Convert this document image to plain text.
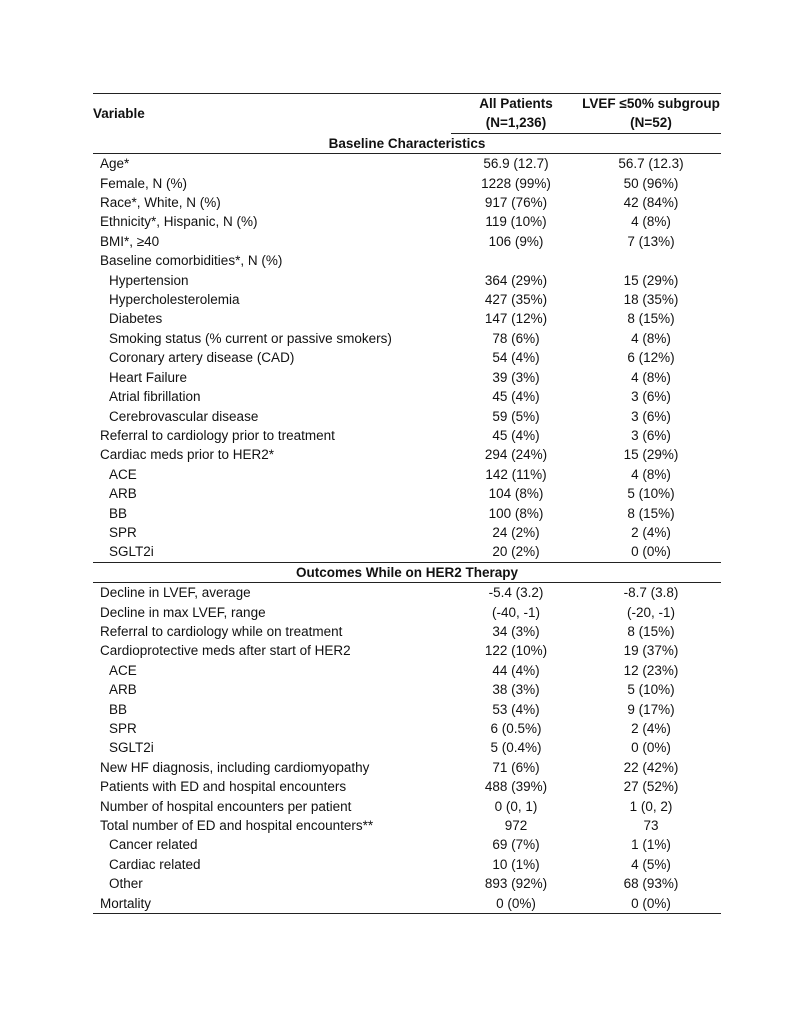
Variable	All Patients	LVEF ≤50% subgroup
	(N=1,236)	(N=52)
Baseline Characteristics		
Age*	56.9 (12.7)	56.7 (12.3)
Female, N (%)	1228 (99%)	50 (96%)
Race*, White, N (%)	917 (76%)	42 (84%)
Ethnicity*, Hispanic, N (%)	119 (10%)	4 (8%)
BMI*, ≥40	106 (9%)	7 (13%)
Baseline comorbidities*, N (%)		
Hypertension	364 (29%)	15 (29%)
Hypercholesterolemia	427 (35%)	18 (35%)
Diabetes	147 (12%)	8 (15%)
Smoking status (% current or passive smokers)	78 (6%)	4 (8%)
Coronary artery disease (CAD)	54 (4%)	6 (12%)
Heart Failure	39 (3%)	4 (8%)
Atrial fibrillation	45 (4%)	3 (6%)
Cerebrovascular disease	59 (5%)	3 (6%)
Referral to cardiology prior to treatment	45 (4%)	3 (6%)
Cardiac meds prior to HER2*	294 (24%)	15 (29%)
ACE	142 (11%)	4 (8%)
ARB	104 (8%)	5 (10%)
BB	100 (8%)	8 (15%)
SPR	24 (2%)	2 (4%)
SGLT2i	20 (2%)	0 (0%)
Outcomes While on HER2 Therapy		
Decline in LVEF, average	-5.4 (3.2)	-8.7 (3.8)
Decline in max LVEF, range	(-40, -1)	(-20, -1)
Referral to cardiology while on treatment	34 (3%)	8 (15%)
Cardioprotective meds after start of HER2	122 (10%)	19 (37%)
ACE	44 (4%)	12 (23%)
ARB	38 (3%)	5 (10%)
BB	53 (4%)	9 (17%)
SPR	6 (0.5%)	2 (4%)
SGLT2i	5 (0.4%)	0 (0%)
New HF diagnosis, including cardiomyopathy	71 (6%)	22 (42%)
Patients with ED and hospital encounters	488 (39%)	27 (52%)
Number of hospital encounters per patient	0 (0, 1)	1 (0, 2)
Total number of ED and hospital encounters**	972	73
Cancer related	69 (7%)	1 (1%)
Cardiac related	10 (1%)	4 (5%)
Other	893 (92%)	68 (93%)
Mortality	0 (0%)	0 (0%)
